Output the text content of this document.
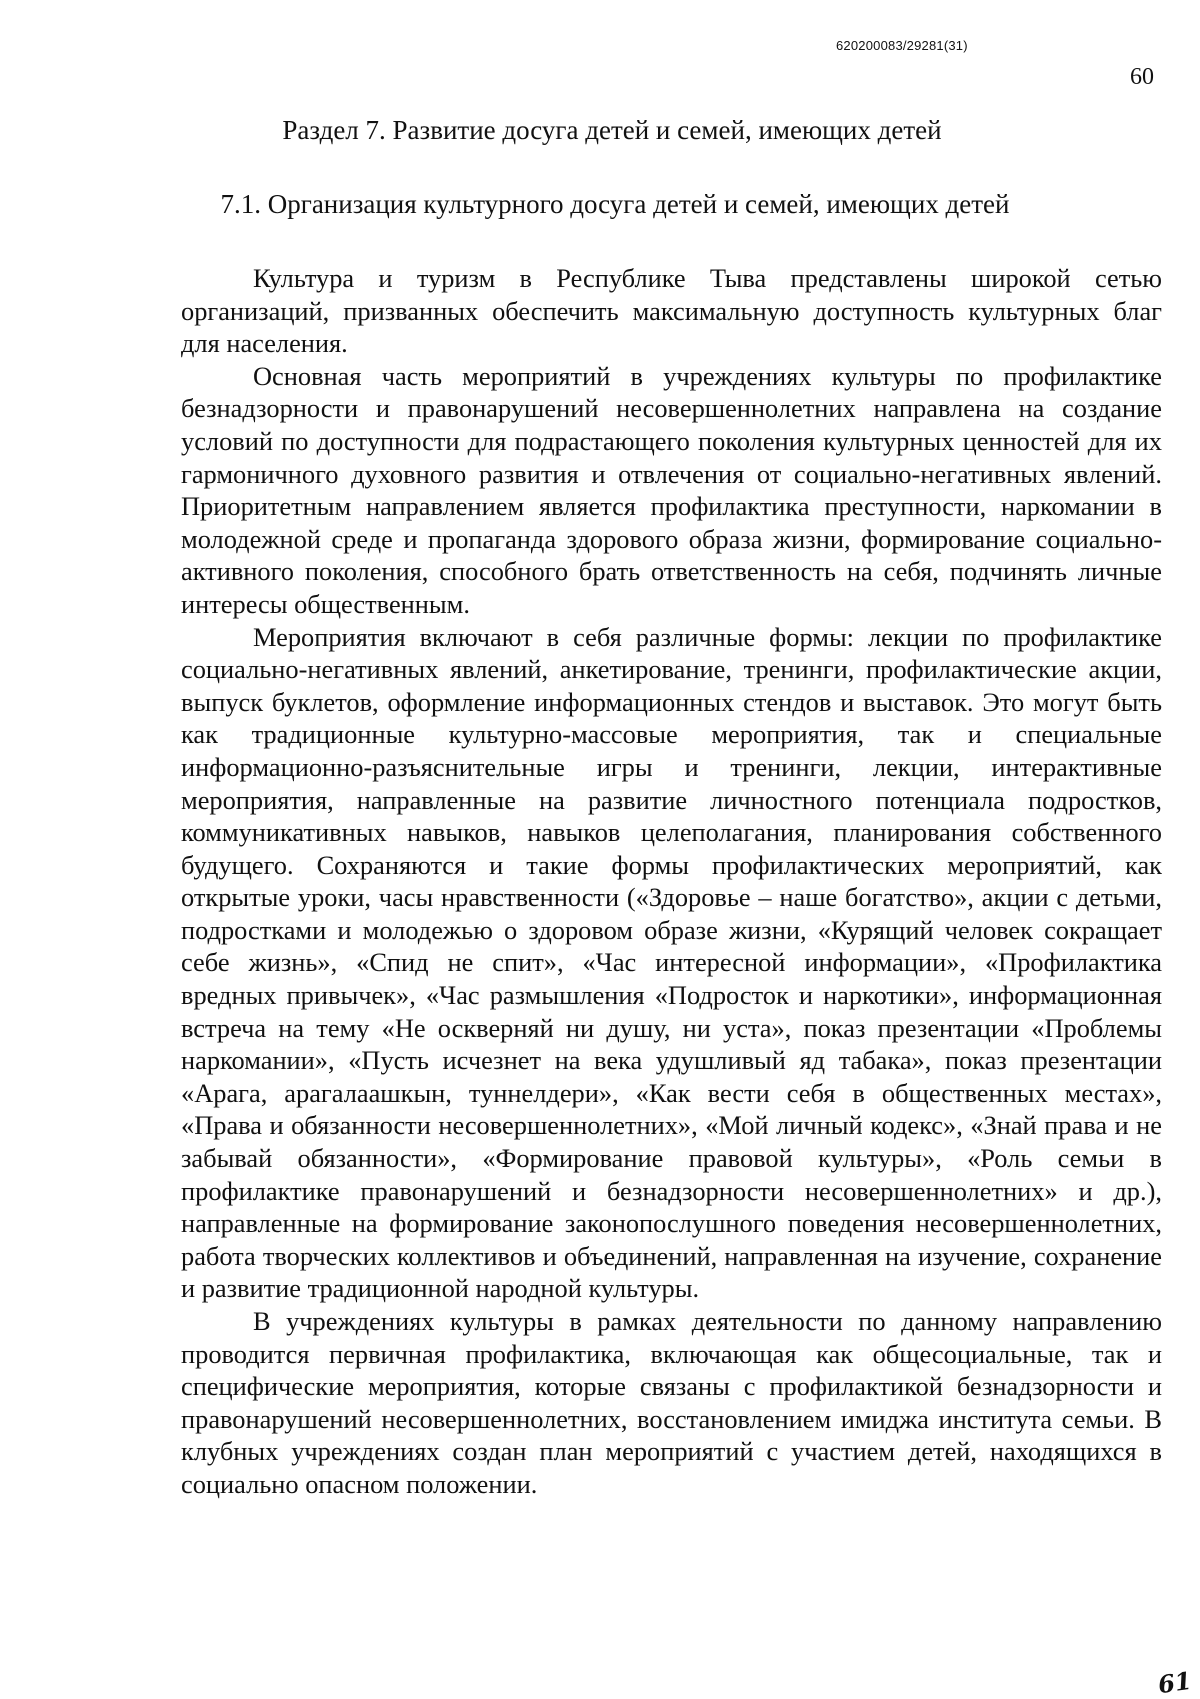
620200083/29281(31)
60
Раздел 7. Развитие досуга детей и семей, имеющих детей
7.1. Организация культурного досуга детей и семей, имеющих детей

Культура и туризм в Республике Тыва представлены широкой сетью организаций, призванных обеспечить максимальную доступность культурных благ для населения.

Основная часть мероприятий в учреждениях культуры по профилактике безнадзорности и правонарушений несовершеннолетних направлена на создание условий по доступности для подрастающего поколения культурных ценностей для их гармоничного духовного развития и отвлечения от социально-негативных явлений. Приоритетным направлением является профилактика преступности, наркомании в молодежной среде и пропаганда здорового образа жизни, формирование социально-активного поколения, способного брать ответственность на себя, подчинять личные интересы общественным.

Мероприятия включают в себя различные формы: лекции по профилактике социально-негативных явлений, анкетирование, тренинги, профилактические акции, выпуск буклетов, оформление информационных стендов и выставок. Это могут быть как традиционные культурно-массовые мероприятия, так и специальные информационно-разъяснительные игры и тренинги, лекции, интерактивные мероприятия, направленные на развитие личностного потенциала подростков, коммуникативных навыков, навыков целеполагания, планирования собственного будущего. Сохраняются и такие формы профилактических мероприятий, как открытые уроки, часы нравственности («Здоровье – наше богатство», акции с детьми, подростками и молодежью о здоровом образе жизни, «Курящий человек сокращает себе жизнь», «Спид не спит», «Час интересной информации», «Профилактика вредных привычек», «Час размышления «Подросток и наркотики», информационная встреча на тему «Не оскверняй ни душу, ни уста», показ презентации «Проблемы наркомании», «Пусть исчезнет на века удушливый яд табака», показ презентации «Арага, арагалаашкын, туннелдери», «Как вести себя в общественных местах», «Права и обязанности несовершеннолетних», «Мой личный кодекс», «Знай права и не забывай обязанности», «Формирование правовой культуры», «Роль семьи в профилактике правонарушений и безнадзорности несовершеннолетних» и др.), направленные на формирование законопослушного поведения несовершеннолетних, работа творческих коллективов и объединений, направленная на изучение, сохранение и развитие традиционной народной культуры.

В учреждениях культуры в рамках деятельности по данному направлению проводится первичная профилактика, включающая как общесоциальные, так и специфические мероприятия, которые связаны с профилактикой безнадзорности и правонарушений несовершеннолетних, восстановлением имиджа института семьи. В клубных учреждениях создан план мероприятий с участием детей, находящихся в социально опасном положении.

61
